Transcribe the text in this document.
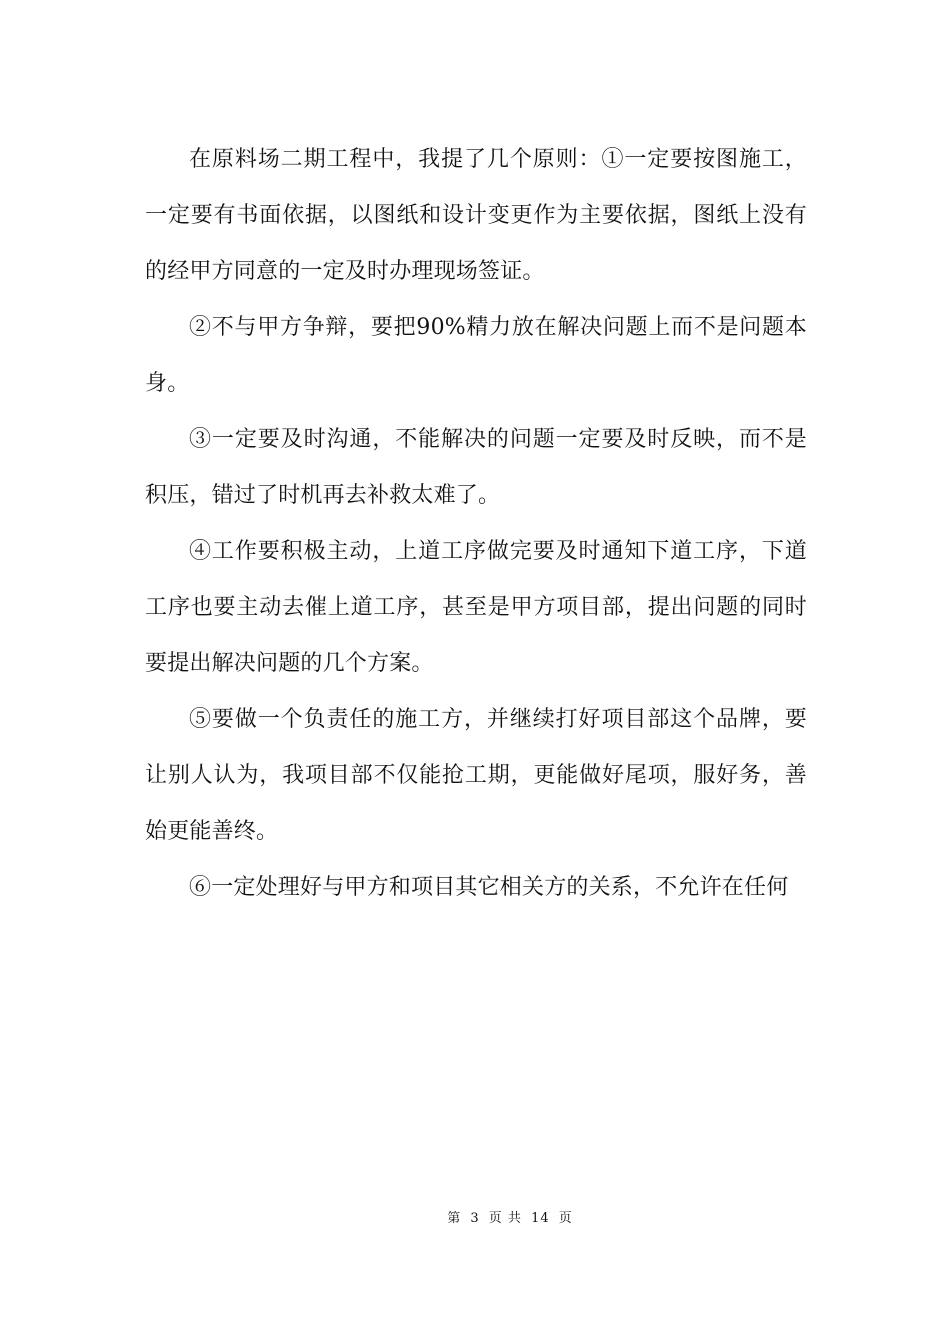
在原料场二期工程中，我提了几个原则：①一定要按图施工，一定要有书面依据，以图纸和设计变更作为主要依据，图纸上没有的经甲方同意的一定及时办理现场签证。

②不与甲方争辩，要把90%精力放在解决问题上而不是问题本身。

③一定要及时沟通，不能解决的问题一定要及时反映，而不是积压，错过了时机再去补救太难了。

④工作要积极主动，上道工序做完要及时通知下道工序，下道工序也要主动去催上道工序，甚至是甲方项目部，提出问题的同时要提出解决问题的几个方案。

⑤要做一个负责任的施工方，并继续打好项目部这个品牌，要让别人认为，我项目部不仅能抢工期，更能做好尾项，服好务，善始更能善终。

⑥一定处理好与甲方和项目其它相关方的关系，不允许在任何

第 3 页 共 14 页
